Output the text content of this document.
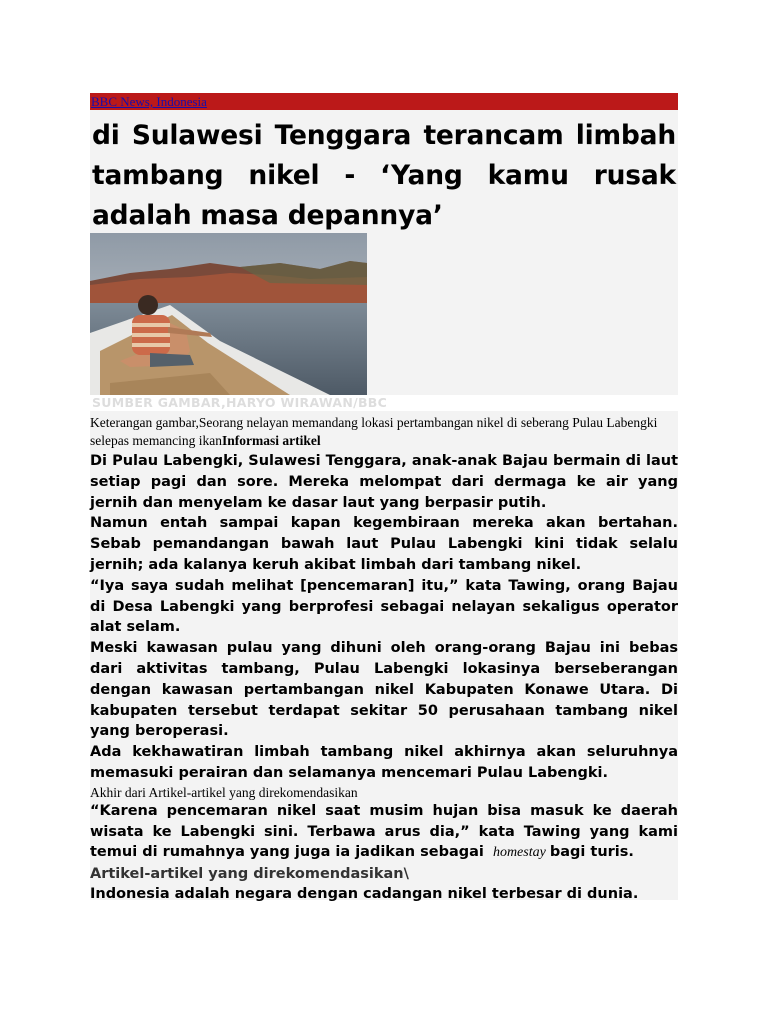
BBC News, Indonesia
di Sulawesi Tenggara terancam limbah tambang nikel - ‘Yang kamu rusak adalah masa depannya’
SUMBER GAMBAR,HARYO WIRAWAN/BBC
Keterangan gambar,Seorang nelayan memandang lokasi pertambangan nikel di seberang Pulau Labengki selepas memancing ikanInformasi artikel

Di Pulau Labengki, Sulawesi Tenggara, anak-anak Bajau bermain di laut setiap pagi dan sore. Mereka melompat dari dermaga ke air yang jernih dan menyelam ke dasar laut yang berpasir putih.

Namun entah sampai kapan kegembiraan mereka akan bertahan. Sebab pemandangan bawah laut Pulau Labengki kini tidak selalu jernih; ada kalanya keruh akibat limbah dari tambang nikel.

“Iya saya sudah melihat [pencemaran] itu,” kata Tawing, orang Bajau di Desa Labengki yang berprofesi sebagai nelayan sekaligus operator alat selam.

Meski kawasan pulau yang dihuni oleh orang-orang Bajau ini bebas dari aktivitas tambang, Pulau Labengki lokasinya berseberangan dengan kawasan pertambangan nikel Kabupaten Konawe Utara. Di kabupaten tersebut terdapat sekitar 50 perusahaan tambang nikel yang beroperasi.

Ada kekhawatiran limbah tambang nikel akhirnya akan seluruhnya memasuki perairan dan selamanya mencemari Pulau Labengki.

Akhir dari Artikel-artikel yang direkomendasikan

“Karena pencemaran nikel saat musim hujan bisa masuk ke daerah wisata ke Labengki sini. Terbawa arus dia,” kata Tawing yang kami temui di rumahnya yang juga ia jadikan sebagai homestay bagi turis.

Artikel-artikel yang direkomendasikan\

Indonesia adalah negara dengan cadangan nikel terbesar di dunia.
